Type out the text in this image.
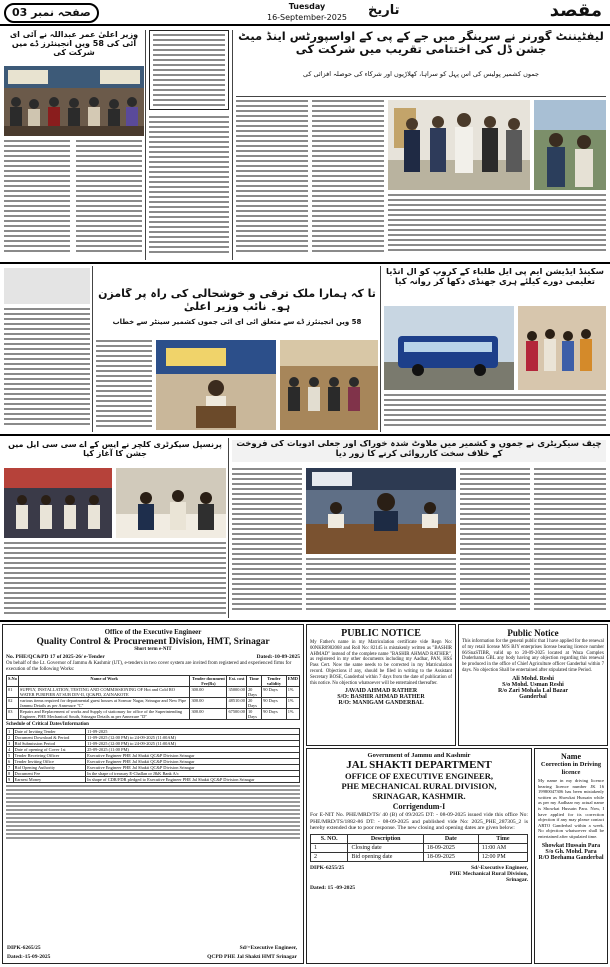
صفحہ نمبر 03	Tuesday
16-September-2025	تاریخ	مقصد
وزیر اعلیٰ عمر عبداللہ نے آئی ای آئی کی 58 ویں انجینئرز ڈے میں شرکت کی
لیفٹیننٹ گورنر نے سرینگر میں جے کے پی کے اواسپورٹس اینڈ میٹ جشن ڈل کی اختتامی تقریب میں شرکت کی
جموں کشمیر پولیس کی اس پہل کو سراہا، کھلاڑیوں اور شرکاء کی حوصلہ افزائی کی
تا کہ ہمارا ملک ترقی و خوشحالی کی راہ پر گامزن ہو۔ نائب وزیر اعلیٰ
58 ویں انجینئرز ڈے سے متعلق آئی ای آئی جموں کشمیر سینٹر سے خطاب
سکینڈ ایڈیشن ایم پی ایل طلباء کے گروپ کو آل انڈیا تعلیمی دورے کیلئے ہری جھنڈی دکھا کر روانہ کیا
پرنسپل سیکرٹری کلچر نے ایس کے اے سی سی ایل میں جشن کا آغاز کیا
چیف سیکریٹری نے جموں و کشمیر میں ملاوٹ شدہ خوراک اور جعلی ادویات کی فروخت کے خلاف سخت کارروائی کرنے کا زور دیا
Office of the Executive Engineer
Quality Control & Procurement Division, HMT, Srinagar
Short term e-NIT
No. PHE/QC&PD 17 of 2025-26/ e-Tender	Dated:-10-09-2025
On behalf of the Lt. Governor of Jammu & Kashmir (UT), e-tenders in two cover system are invited from registered and experienced firms for execution of the following Works:
S.No	Name of Work	Tender document Fee(Rs)	Est. cost	Time	Tender validity	EMD
01	SUPPLY, INSTALLATION, TESTING AND COMMISSIONING OF Hot and Cold RO WATER PURIFIER AT SUB DIV-II, QC&PD, ZAINAKOTE	300.00	35000.00	20 Days	90 Days	1%
02	various items required for departmental guest houses at Sonwar Nagar, Srinagar and New Pipe Jammu Details as per Annexure "C"	300.00	48510.00	20 Days	90 Days	1%
03	Repairs and Replacement of works and Supply of stationary for office of the Superintending Engineer, PHE Mechanical South, Srinagar Details as per Annexure "D"	300.00	67500.00	10 Days	90 Days	1%
Schedule of Critical Dates/Information
1	Date of Inviting Tender	11-09-2025
2	Document Download & Period	11-09-2025 (12:00 PM) to 24-09-2025 (11:00AM)
3	Bid Submission Period	11-09-2025 (12:00 PM) to 24-09-2025 (11:00AM)
4	Date of opening of Cover 1st	25-09-2025 (11:00 PM)
5	Tender Receiving Officer	Executive Engineer PHE Jal Shakti QC&P Division Srinagar
6	Tender Inviting Office	Executive Engineer PHE Jal Shakti QC&P Division Srinagar
7	Bid Opening Authority	Executive Engineer PHE Jal Shakti QC&P Division Srinagar
8	Document Fee	In the shape of treasury E-Challan or J&K Bank A/c
9	Earnest Money	In shape of CDR/FDR pledged to Executive Engineer PHE Jal Shakti QC&P Division Srinagar
DIPK-6265/25
Dated:-15-09-2025
Sd/=Executive Engineer,
QCPD PHE Jal Shakti HMT Srinagar
PUBLIC NOTICE
My Father's name in my Matriculation certificate vide Regn No: 00NKR0902068 and Roll No: 82145 is mistakenly written as "BASHIR AHMAD" instead of the complete name "BASHIR AHMAD RATHER", as registered in my other documents including my Aadhar, PAN, HSS Pass Cert. Now the same needs to be corrected in my Matriculation record. Objections if any, should be filed in writing to the Assistant Secretary BOSE, Ganderbal within 7 days from the date of publication of this notice. No objection whatsoever will be entertained thereafter.
JAVAID AHMAD RATHER
S/O: BASHIR AHMAD RATHER
R/O: MANIGAM GANDERBAL
Public Notice
This information for the general public that I have applied for the renewal of my retail license M/S BJY enterprises license bearing licence number 66/SnaSTIBR, valid up to 20-09-2025 located at Waza Complex Duderhama GBL any body having any objection regarding this renewal be produced in the office of Chief Agriculture officer Ganderbal within 7 days. No objection Shall be entertained after stipulated time Period.
Ali Mohd. Reshi
S/o Mohd. Usman Reshi
R/o Zari Mohala Lal Bazar
Ganderbal
Government of Jammu and Kashmir
JAL SHAKTI DEPARTMENT
OFFICE OF EXECUTIVE ENGINEER,
PHE MECHANICAL RURAL DIVISION,
SRINAGAR, KASHMIR.
Corrigendum-I
For E-NIT No. PHE/MRD/TS/ 40 (B) of 09/2025 DT: - 08-09-2025 issued vide this office No: PHE/MRD/TS/1882-86 DT: - 08-09-2025 and published vide No: 2025_PHE_287305_2 is hereby extended due to poor response. The new closing and opening dates are given below:
S. NO.	Description	Date	Time
1	Closing date	18-09-2025	11:00 AM
2	Bid opening date	18-09-2025	12:00 PM
DIPK-6255/25	Sd/-Executive Engineer,
PHE Mechanical Rural Division,
Srinagar.
Dated: 15 -09-2025
Name
Correction in Driving licence
My name in my driving licence bearing licence number JK 16 19980047306 has been mistakenly written as Showkat Hussain while as per my Aadhaar my actual name is Showkat Hussain Para. Now, I have applied for its correction objection if any may please contact ARTO Ganderbal within a week. No objection whatsoever shall be entertained after stipulated time.
Showkat Hussain Para
S/o Gh. Mohd. Para
R/O Beehama Ganderbal
